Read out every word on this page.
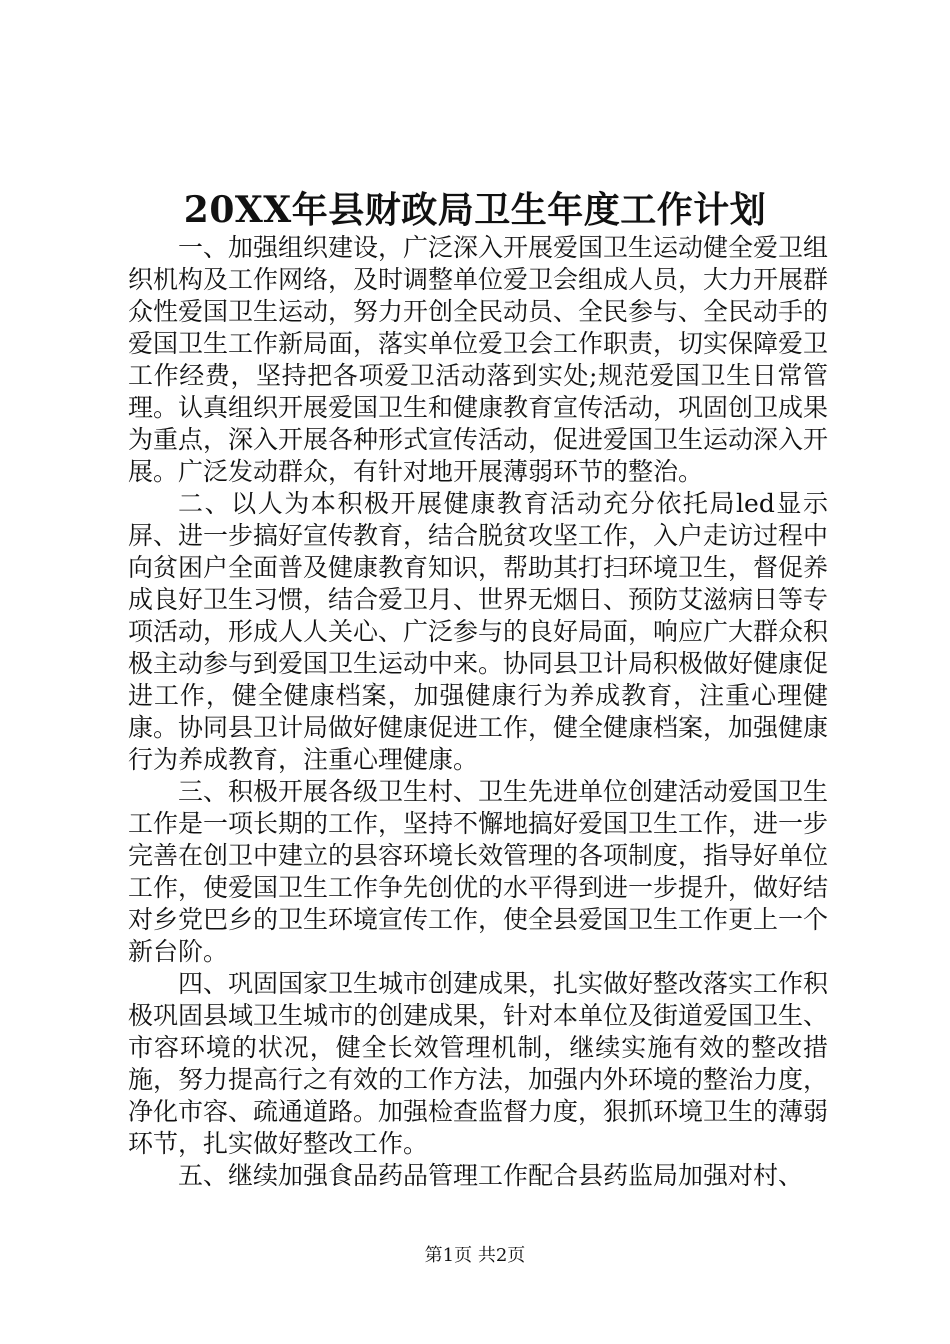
20XX年县财政局卫生年度工作计划

一、加强组织建设，广泛深入开展爱国卫生运动健全爱卫组织机构及工作网络，及时调整单位爱卫会组成人员，大力开展群众性爱国卫生运动，努力开创全民动员、全民参与、全民动手的爱国卫生工作新局面，落实单位爱卫会工作职责，切实保障爱卫工作经费，坚持把各项爱卫活动落到实处;规范爱国卫生日常管理。认真组织开展爱国卫生和健康教育宣传活动，巩固创卫成果为重点，深入开展各种形式宣传活动，促进爱国卫生运动深入开展。广泛发动群众，有针对地开展薄弱环节的整治。

二、以人为本积极开展健康教育活动充分依托局led显示屏、进一步搞好宣传教育，结合脱贫攻坚工作，入户走访过程中向贫困户全面普及健康教育知识，帮助其打扫环境卫生，督促养成良好卫生习惯，结合爱卫月、世界无烟日、预防艾滋病日等专项活动，形成人人关心、广泛参与的良好局面，响应广大群众积极主动参与到爱国卫生运动中来。协同县卫计局积极做好健康促进工作，健全健康档案，加强健康行为养成教育，注重心理健康。协同县卫计局做好健康促进工作，健全健康档案，加强健康行为养成教育，注重心理健康。

三、积极开展各级卫生村、卫生先进单位创建活动爱国卫生工作是一项长期的工作，坚持不懈地搞好爱国卫生工作，进一步完善在创卫中建立的县容环境长效管理的各项制度，指导好单位工作，使爱国卫生工作争先创优的水平得到进一步提升，做好结对乡党巴乡的卫生环境宣传工作，使全县爱国卫生工作更上一个新台阶。

四、巩固国家卫生城市创建成果，扎实做好整改落实工作积极巩固县域卫生城市的创建成果，针对本单位及街道爱国卫生、市容环境的状况，健全长效管理机制，继续实施有效的整改措施，努力提高行之有效的工作方法，加强内外环境的整治力度，净化市容、疏通道路。加强检查监督力度，狠抓环境卫生的薄弱环节，扎实做好整改工作。

五、继续加强食品药品管理工作配合县药监局加强对村、

第1页 共2页
